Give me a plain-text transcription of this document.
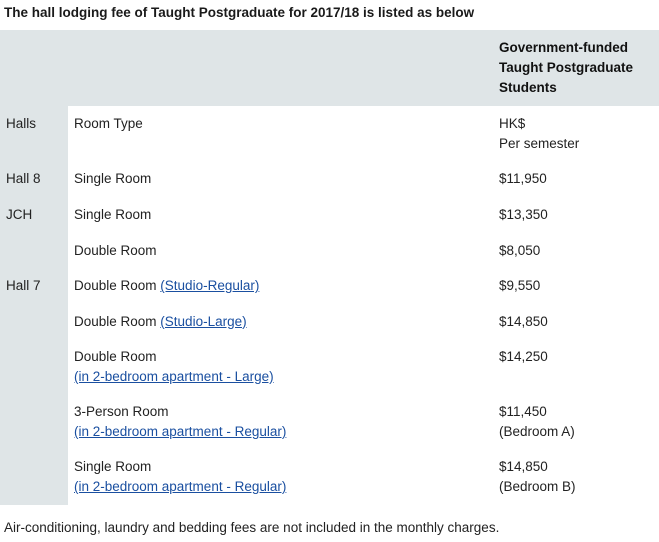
The hall lodging fee of Taught Postgraduate for 2017/18 is listed as below
		Government-funded Taught Postgraduate Students
Halls	Room Type	HK$
Per semester

Hall 8	Single Room	$11,950

JCH	Single Room	$13,350

	Double Room	$8,050

Hall 7	Double Room (Studio-Regular)	$9,550

	Double Room (Studio-Large)	$14,850

	Double Room
(in 2-bedroom apartment - Large)	$14,250

	3-Person Room
(in 2-bedroom apartment - Regular)	$11,450
(Bedroom A)

	Single Room
(in 2-bedroom apartment - Regular)	$14,850
(Bedroom B)
Air-conditioning, laundry and bedding fees are not included in the monthly charges.
